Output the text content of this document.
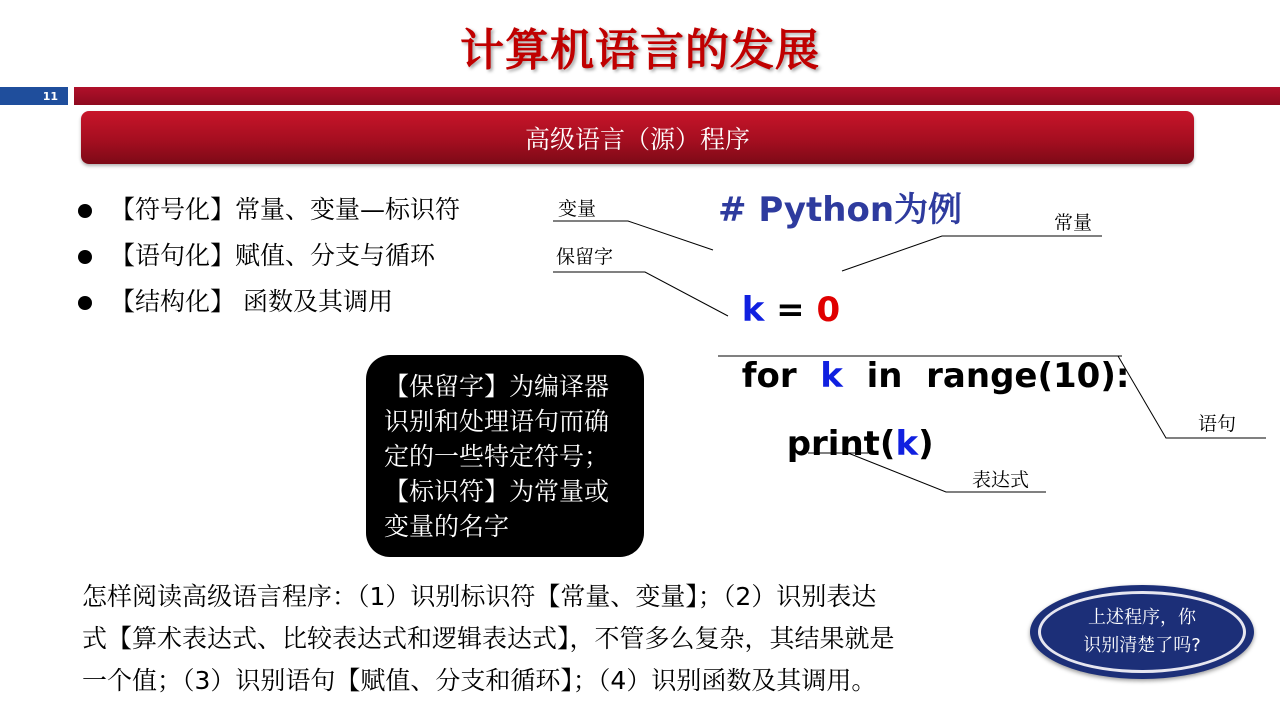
计算机语言的发展
11
高级语言（源）程序
【符号化】常量、变量—标识符
【语句化】赋值、分支与循环
【结构化】 函数及其调用
# Python为例

k = 0

for k in range(10):

print(k)

变量
保留字
常量
语句
表达式
【保留字】为编译器
识别和处理语句而确
定的一些特定符号；
【标识符】为常量或
变量的名字
怎样阅读高级语言程序：（1）识别标识符【常量、变量】；（2）识别表达
式【算术表达式、比较表达式和逻辑表达式】，不管多么复杂，其结果就是
一个值；（3）识别语句【赋值、分支和循环】；（4）识别函数及其调用。
上述程序，你
识别清楚了吗?
